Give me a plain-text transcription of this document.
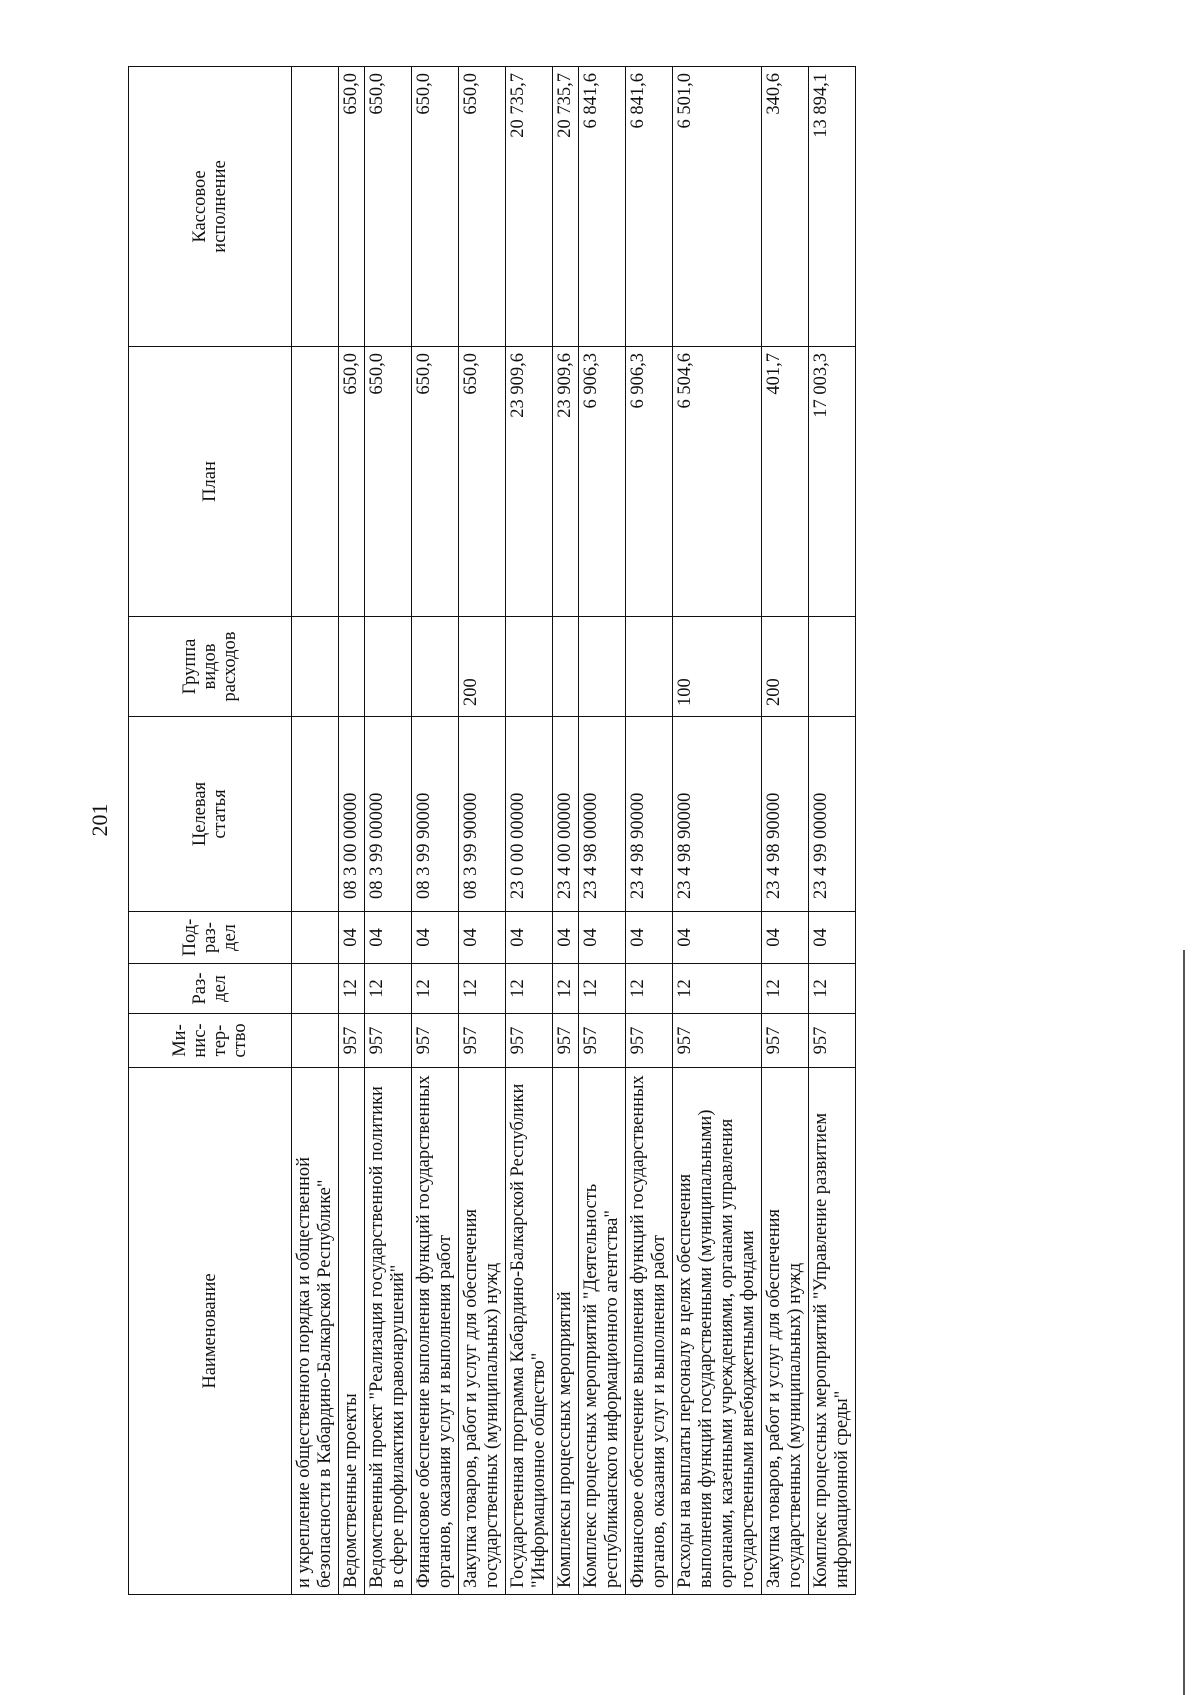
201
Наименование	Ми-
нис-
тер-
ство	Раз-
дел	Под-
раз-
дел	Целевая
статья	Группа
видов
расходов	План	Кассовое
исполнение
и укрепление общественного порядка и общественной безопасности в Кабардино-Балкарской Республике"							
Ведомственные проекты	957	12	04	08 3 00 00000		650,0	650,0
Ведомственный проект "Реализация государственной политики в сфере профилактики правонарушений"	957	12	04	08 3 99 00000		650,0	650,0
Финансовое обеспечение выполнения функций государственных органов, оказания услуг и выполнения работ	957	12	04	08 3 99 90000		650,0	650,0
Закупка товаров, работ и услуг для обеспечения государственных (муниципальных) нужд	957	12	04	08 3 99 90000	200	650,0	650,0
Государственная программа Кабардино-Балкарской Республики "Информационное общество"	957	12	04	23 0 00 00000		23 909,6	20 735,7
Комплексы процессных мероприятий	957	12	04	23 4 00 00000		23 909,6	20 735,7
Комплекс процессных мероприятий "Деятельность республиканского информационного агентства"	957	12	04	23 4 98 00000		6 906,3	6 841,6
Финансовое обеспечение выполнения функций государственных органов, оказания услуг и выполнения работ	957	12	04	23 4 98 90000		6 906,3	6 841,6
Расходы на выплаты персоналу в целях обеспечения выполнения функций государственными (муниципальными) органами, казенными учреждениями, органами управления государственными внебюджетными фондами	957	12	04	23 4 98 90000	100	6 504,6	6 501,0
Закупка товаров, работ и услуг для обеспечения государственных (муниципальных) нужд	957	12	04	23 4 98 90000	200	401,7	340,6
Комплекс процессных мероприятий "Управление развитием информационной среды"	957	12	04	23 4 99 00000		17 003,3	13 894,1
